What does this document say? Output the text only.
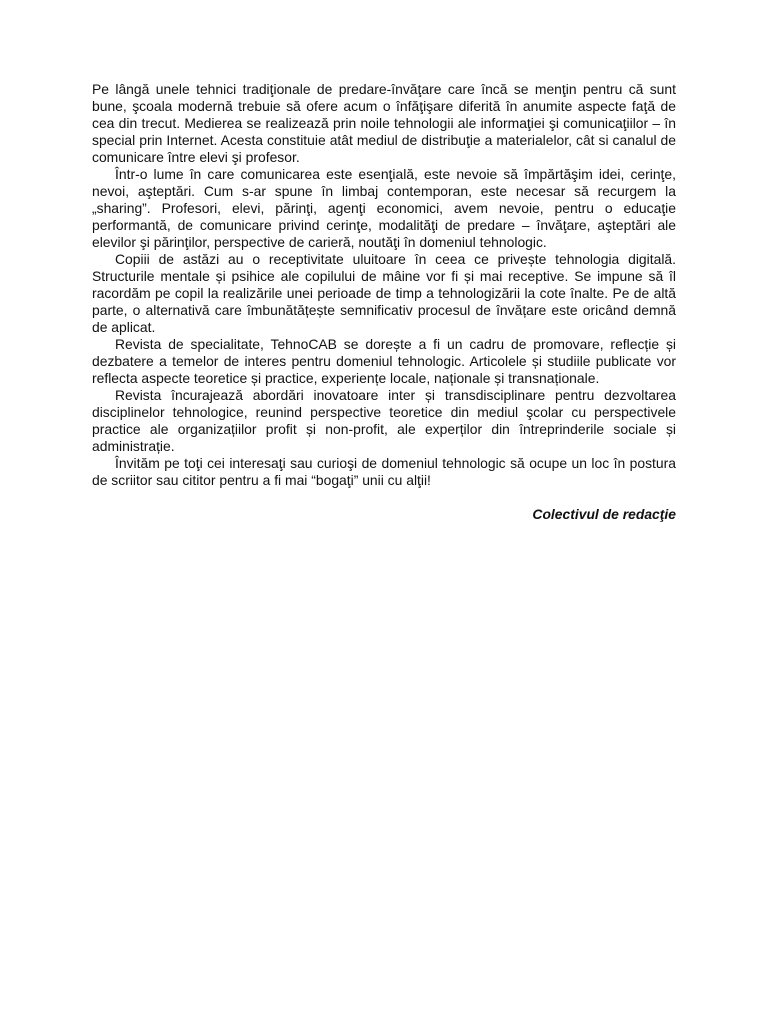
Pe lângă unele tehnici tradiţionale de predare-învăţare care încă se menţin pentru că sunt bune, şcoala modernă trebuie să ofere acum o înfăţişare diferită în anumite aspecte faţă de cea din trecut. Medierea se realizează prin noile tehnologii ale informaţiei şi comunicaţiilor – în special prin Internet. Acesta constituie atât mediul de distribuţie a materialelor, cât si canalul de comunicare între elevi şi profesor.

Într-o lume în care comunicarea este esenţială, este nevoie să împărtăşim idei, cerinţe, nevoi, aşteptări. Cum s-ar spune în limbaj contemporan, este necesar să recurgem la „sharing”. Profesori, elevi, părinţi, agenţi economici, avem nevoie, pentru o educaţie performantă, de comunicare privind cerinţe, modalităţi de predare – învăţare, aşteptări ale elevilor şi părinţilor, perspective de carieră, noutăţi în domeniul tehnologic.

Copiii de astăzi au o receptivitate uluitoare în ceea ce privește tehnologia digitală. Structurile mentale și psihice ale copilului de mâine vor fi și mai receptive. Se impune să îl racordăm pe copil la realizările unei perioade de timp a tehnologizării la cote înalte. Pe de altă parte, o alternativă care îmbunătățește semnificativ procesul de învățare este oricând demnă de aplicat.

Revista de specialitate, TehnoCAB se dorește a fi un cadru de promovare, reflecție și dezbatere a temelor de interes pentru domeniul tehnologic. Articolele și studiile publicate vor reflecta aspecte teoretice și practice, experiențe locale, naționale și transnaționale.

Revista încurajează abordări inovatoare inter și transdisciplinare pentru dezvoltarea disciplinelor tehnologice, reunind perspective teoretice din mediul şcolar cu perspectivele practice ale organizațiilor profit și non-profit, ale experților din întreprinderile sociale și administrație.

Învităm pe toţi cei interesaţi sau curioşi de domeniul tehnologic să ocupe un loc în postura de scriitor sau cititor pentru a fi mai “bogaţi” unii cu alţii!

Colectivul de redacţie
